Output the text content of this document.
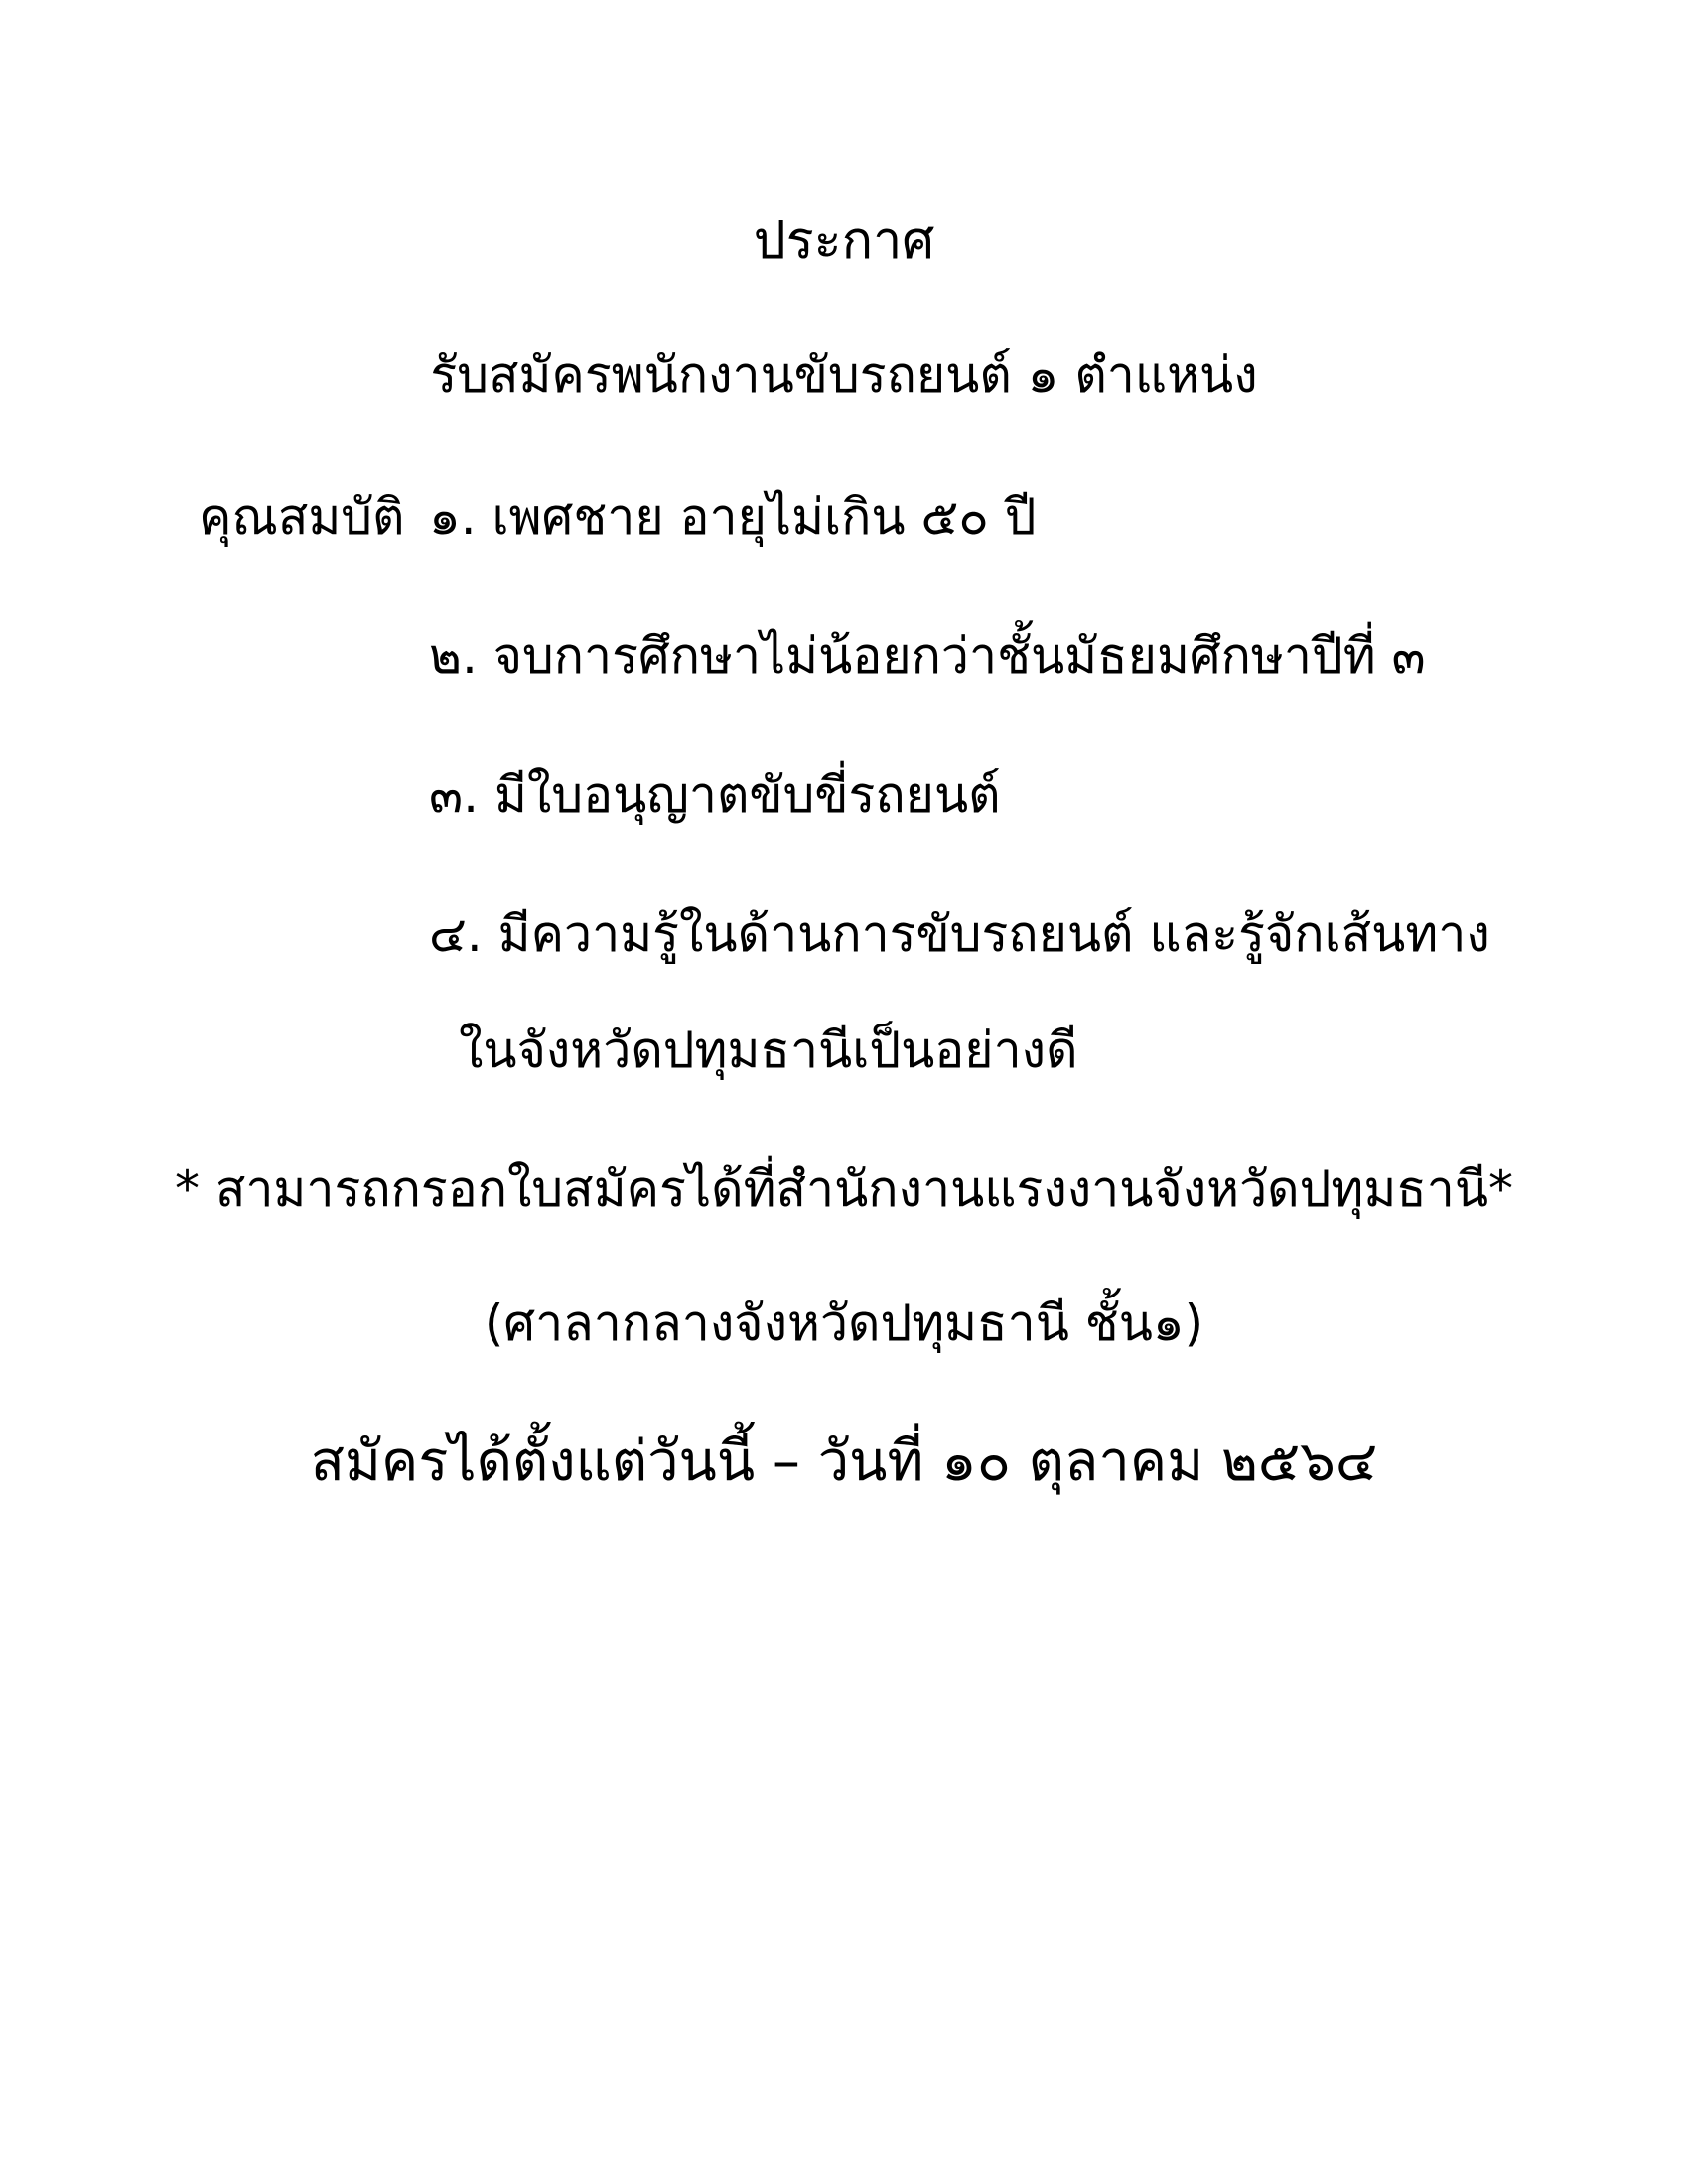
ประกาศ
รับสมัครพนักงานขับรถยนต์ ๑ ตำแหน่ง
คุณสมบัติ ๑. เพศชาย อายุไม่เกิน ๕๐ ปี
๒. จบการศึกษาไม่น้อยกว่าชั้นมัธยมศึกษาปีที่ ๓
๓. มีใบอนุญาตขับขี่รถยนต์
๔. มีความรู้ในด้านการขับรถยนต์ และรู้จักเส้นทาง
ในจังหวัดปทุมธานีเป็นอย่างดี
* สามารถกรอกใบสมัครได้ที่สำนักงานแรงงานจังหวัดปทุมธานี*
(ศาลากลางจังหวัดปทุมธานี ชั้น๑)
สมัครได้ตั้งแต่วันนี้ – วันที่ ๑๐ ตุลาคม ๒๕๖๔
